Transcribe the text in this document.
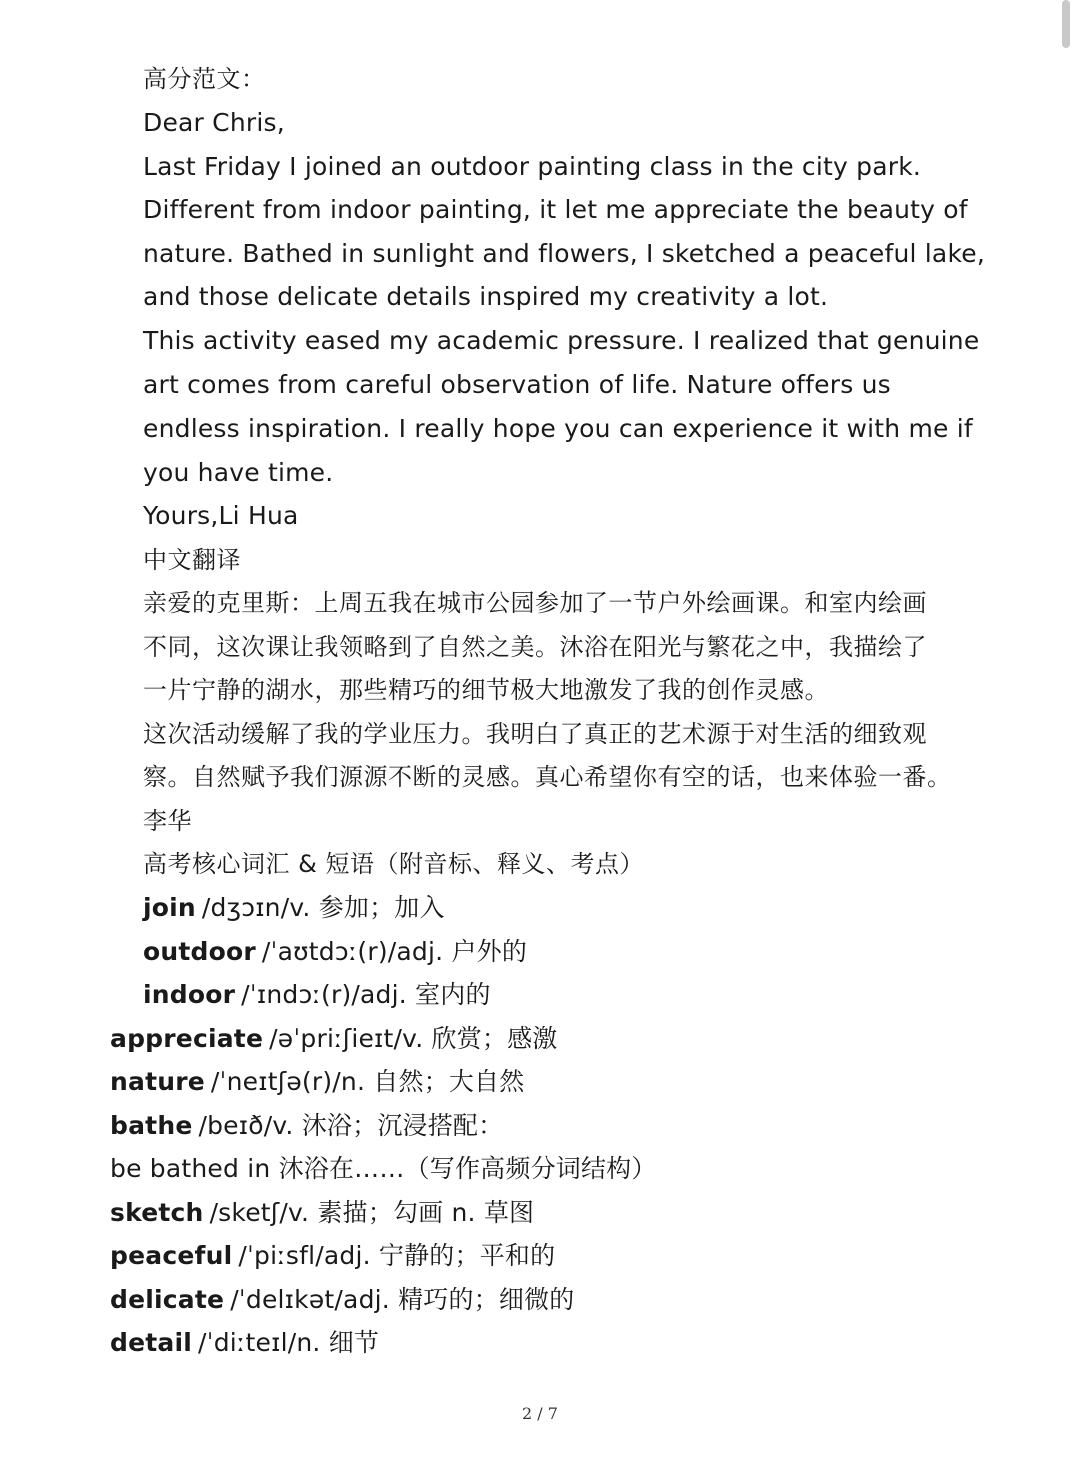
高分范文：
Dear Chris,
Last Friday I joined an outdoor painting class in the city park.
Different from indoor painting, it let me appreciate the beauty of
nature. Bathed in sunlight and flowers, I sketched a peaceful lake,
and those delicate details inspired my creativity a lot.
This activity eased my academic pressure. I realized that genuine
art comes from careful observation of life. Nature offers us
endless inspiration. I really hope you can experience it with me if
you have time.
Yours,Li Hua
中文翻译
亲爱的克里斯：上周五我在城市公园参加了一节户外绘画课。和室内绘画
不同，这次课让我领略到了自然之美。沐浴在阳光与繁花之中，我描绘了
一片宁静的湖水，那些精巧的细节极大地激发了我的创作灵感。
这次活动缓解了我的学业压力。我明白了真正的艺术源于对生活的细致观
察。自然赋予我们源源不断的灵感。真心希望你有空的话，也来体验一番。
李华
高考核心词汇 & 短语（附音标、释义、考点）
join /dʒɔɪn/v. 参加；加入
outdoor /ˈaʊtdɔː(r)/adj. 户外的
indoor /ˈɪndɔː(r)/adj. 室内的
appreciate /əˈpriːʃieɪt/v. 欣赏；感激
nature /ˈneɪtʃə(r)/n. 自然；大自然
bathe /beɪð/v. 沐浴；沉浸搭配：
be bathed in 沐浴在……（写作高频分词结构）
sketch /sketʃ/v. 素描；勾画 n. 草图
peaceful /ˈpiːsfl/adj. 宁静的；平和的
delicate /ˈdelɪkət/adj. 精巧的；细微的
detail /ˈdiːteɪl/n. 细节
2 / 7
